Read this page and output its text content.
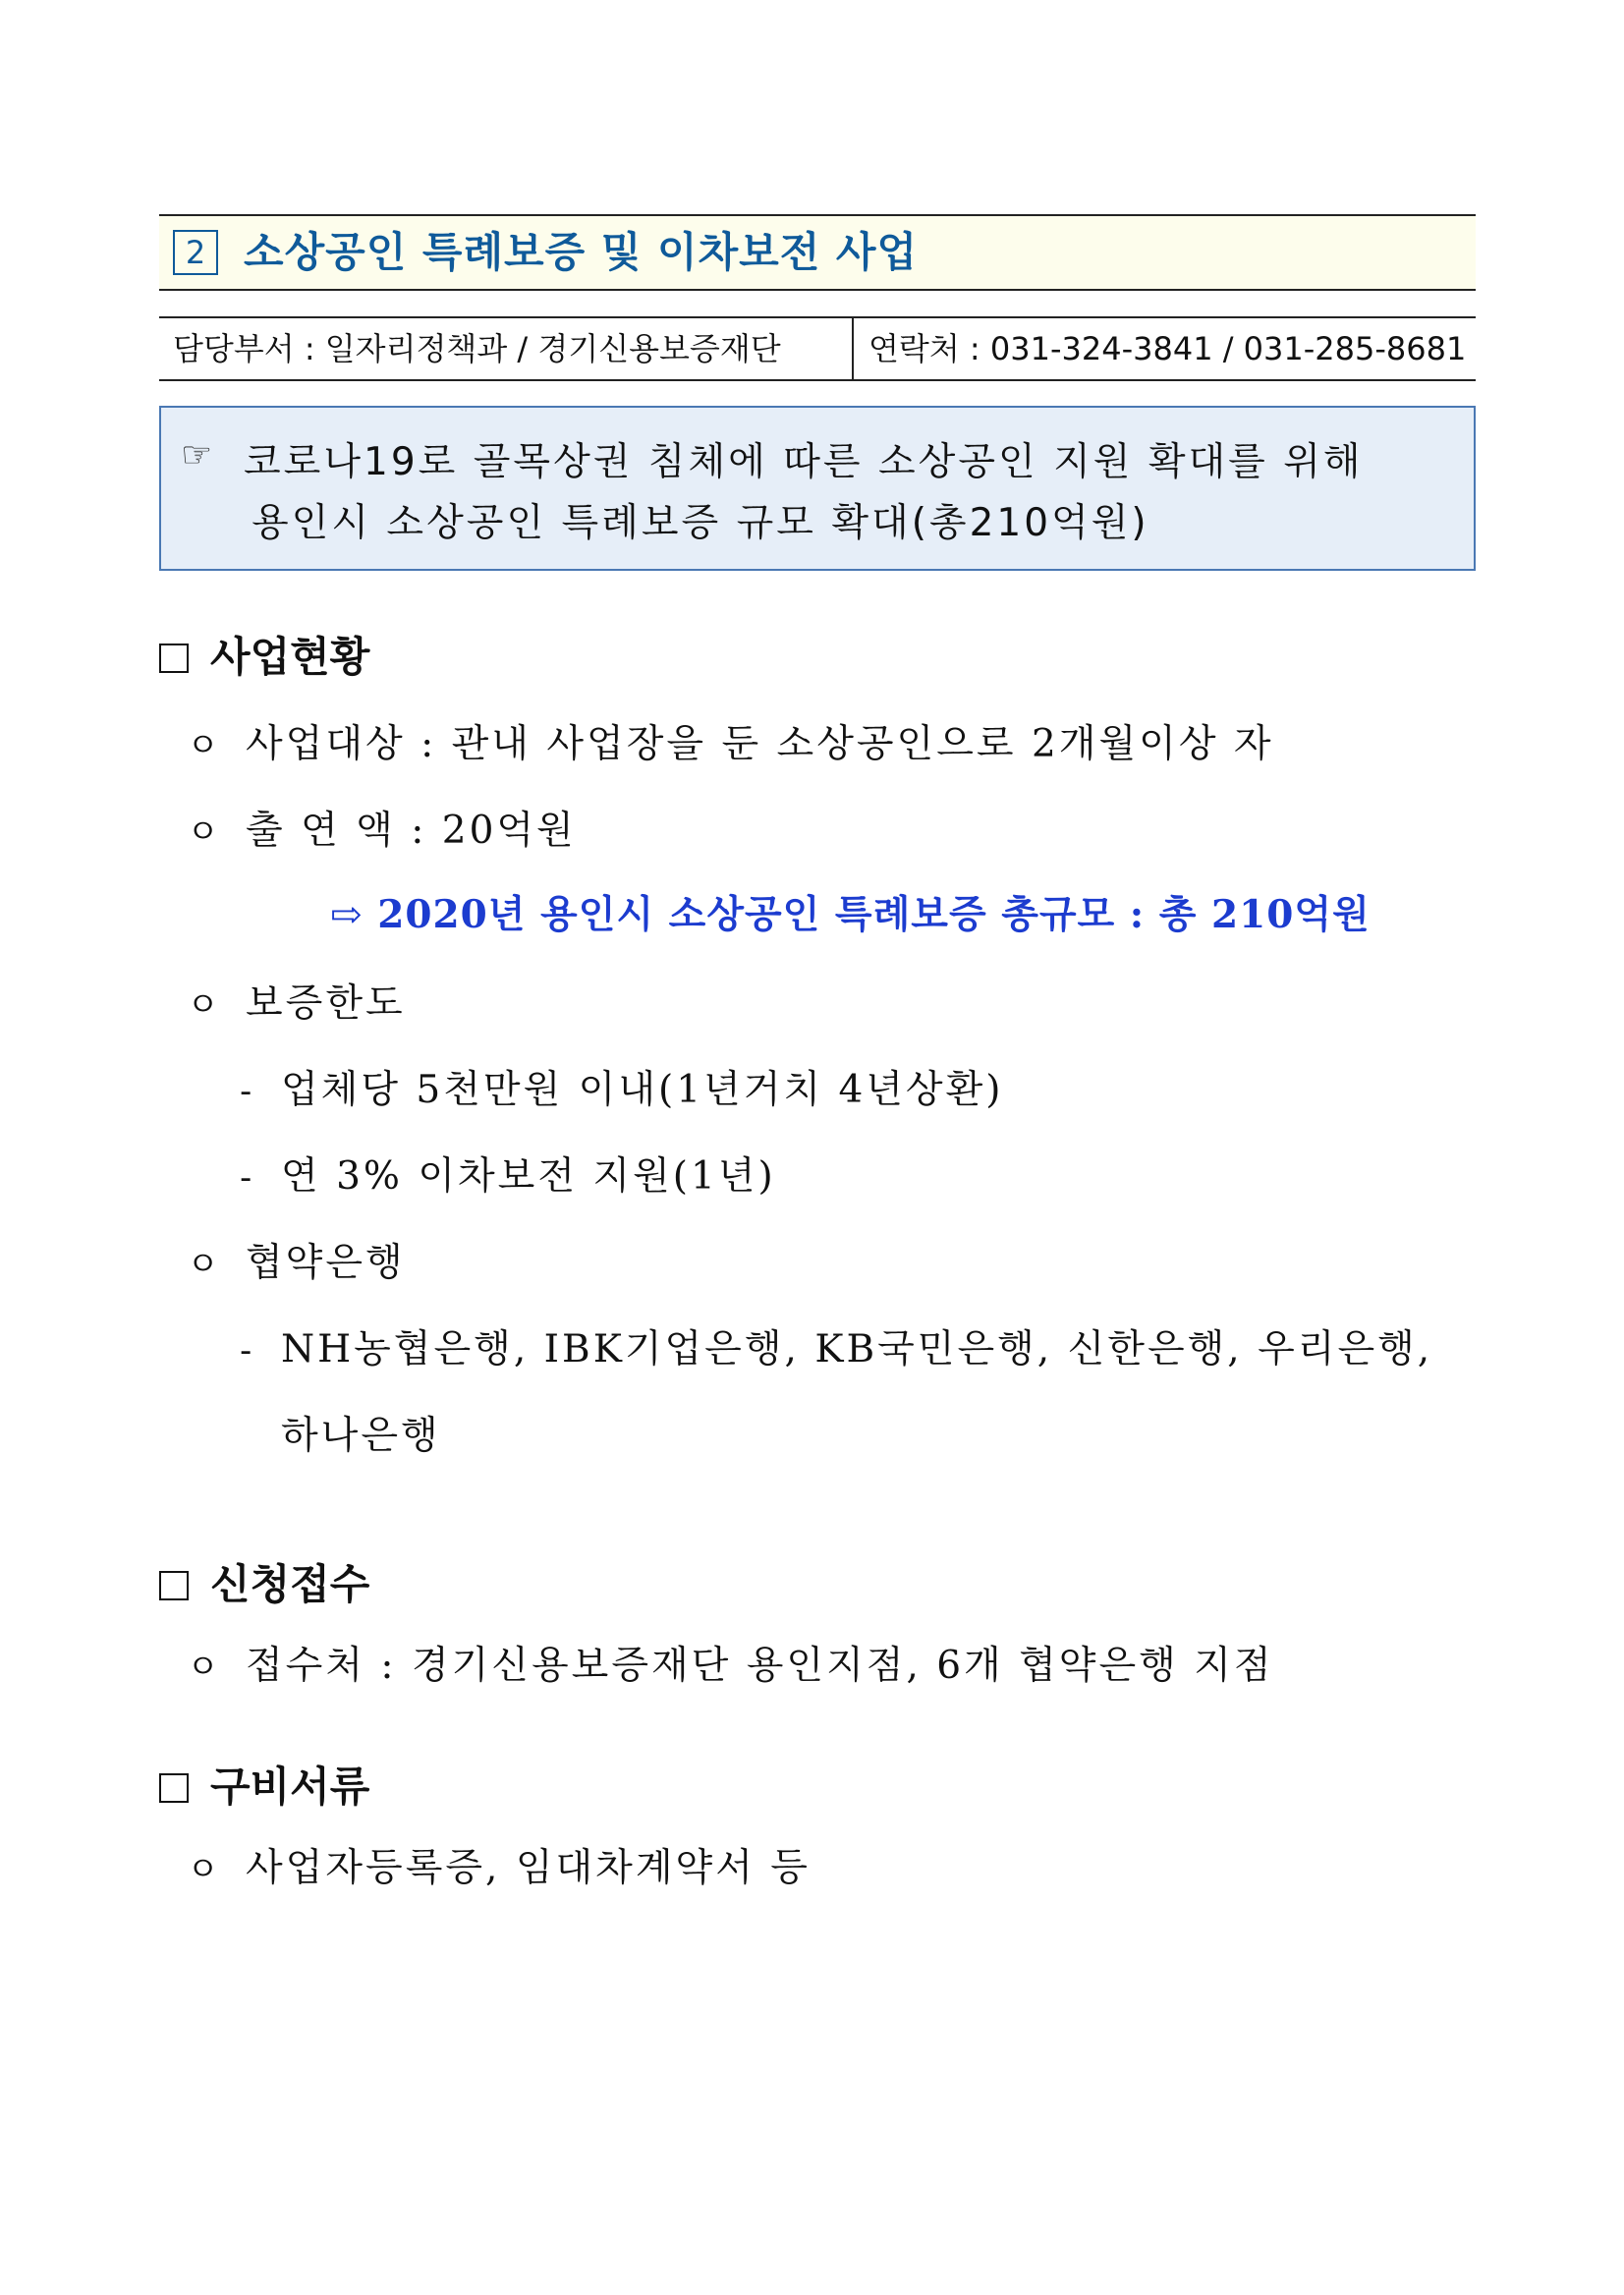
2 소상공인 특례보증 및 이차보전 사업
담당부서 : 일자리정책과 / 경기신용보증재단	연락처 : 031-324-3841 / 031-285-8681
☞ 코로나19로 골목상권 침체에 따른 소상공인 지원 확대를 위해
용인시 소상공인 특례보증 규모 확대(총210억원)
사업현황
ㅇ 사업대상 : 관내 사업장을 둔 소상공인으로 2개월이상 자
ㅇ 출 연 액 : 20억원
⇨ 2020년 용인시 소상공인 특례보증 총규모 : 총 210억원
ㅇ 보증한도
- 업체당 5천만원 이내(1년거치 4년상환)
- 연 3% 이차보전 지원(1년)
ㅇ 협약은행
- NH농협은행, IBK기업은행, KB국민은행, 신한은행, 우리은행,
하나은행
신청접수
ㅇ 접수처 : 경기신용보증재단 용인지점, 6개 협약은행 지점
구비서류
ㅇ 사업자등록증, 임대차계약서 등
